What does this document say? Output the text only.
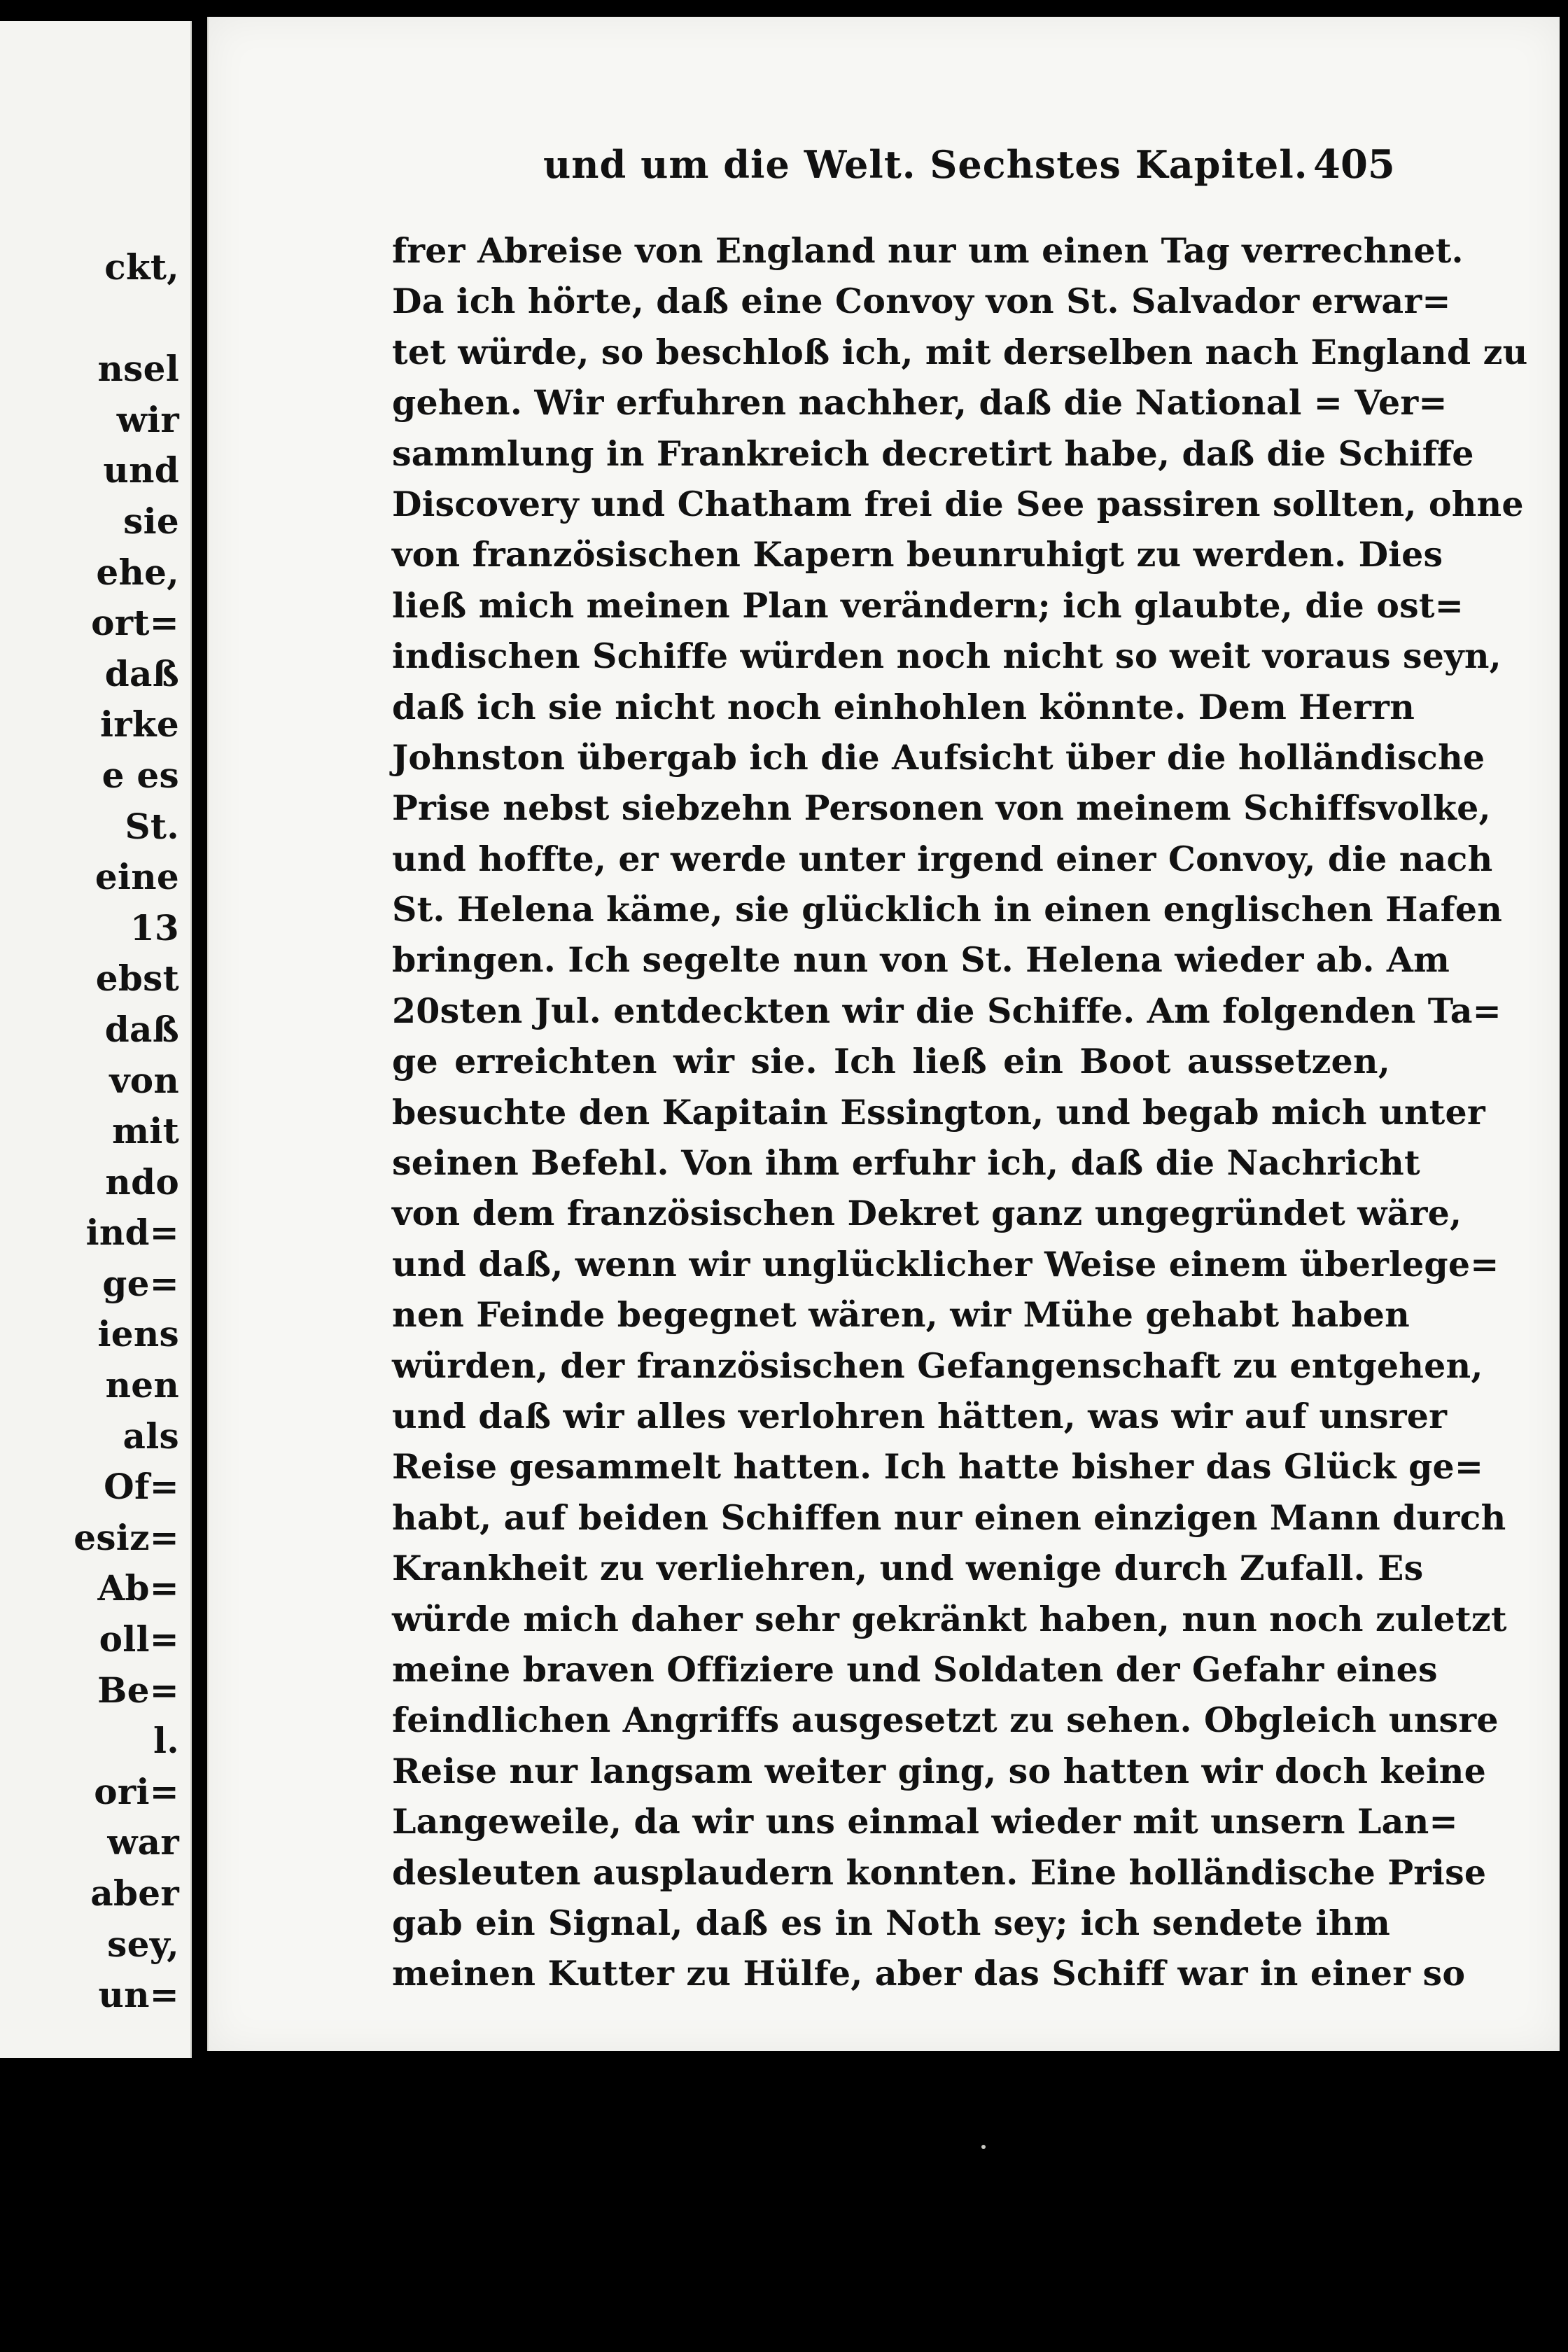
ckt,
nsel
wir
und
sie
ehe,
ort=
daß
irke
e es
St.
eine
13
ebst
daß
von
mit
ndo
ind=
ge=
iens
nen
als
Of=
esiz=
Ab=
oll=
Be=
l.
ori=
war
aber
sey,
un=
und um die Welt. Sechstes Kapitel. 405
frer Abreise von England nur um einen Tag verrechnet.
Da ich hörte, daß eine Convoy von St. Salvador erwar=
tet würde, so beschloß ich, mit derselben nach England zu
gehen. Wir erfuhren nachher, daß die National = Ver=
sammlung in Frankreich decretirt habe, daß die Schiffe
Discovery und Chatham frei die See passiren sollten, ohne
von französischen Kapern beunruhigt zu werden. Dies
ließ mich meinen Plan verändern; ich glaubte, die ost=
indischen Schiffe würden noch nicht so weit voraus seyn,
daß ich sie nicht noch einhohlen könnte. Dem Herrn
Johnston übergab ich die Aufsicht über die holländische
Prise nebst siebzehn Personen von meinem Schiffsvolke,
und hoffte, er werde unter irgend einer Convoy, die nach
St. Helena käme, sie glücklich in einen englischen Hafen
bringen. Ich segelte nun von St. Helena wieder ab. Am
20sten Jul. entdeckten wir die Schiffe. Am folgenden Ta=
ge erreichten wir sie. Ich ließ ein Boot aussetzen,
besuchte den Kapitain Essington, und begab mich unter
seinen Befehl. Von ihm erfuhr ich, daß die Nachricht
von dem französischen Dekret ganz ungegründet wäre,
und daß, wenn wir unglücklicher Weise einem überlege=
nen Feinde begegnet wären, wir Mühe gehabt haben
würden, der französischen Gefangenschaft zu entgehen,
und daß wir alles verlohren hätten, was wir auf unsrer
Reise gesammelt hatten. Ich hatte bisher das Glück ge=
habt, auf beiden Schiffen nur einen einzigen Mann durch
Krankheit zu verliehren, und wenige durch Zufall. Es
würde mich daher sehr gekränkt haben, nun noch zuletzt
meine braven Offiziere und Soldaten der Gefahr eines
feindlichen Angriffs ausgesetzt zu sehen. Obgleich unsre
Reise nur langsam weiter ging, so hatten wir doch keine
Langeweile, da wir uns einmal wieder mit unsern Lan=
desleuten ausplaudern konnten. Eine holländische Prise
gab ein Signal, daß es in Noth sey; ich sendete ihm
meinen Kutter zu Hülfe, aber das Schiff war in einer so
